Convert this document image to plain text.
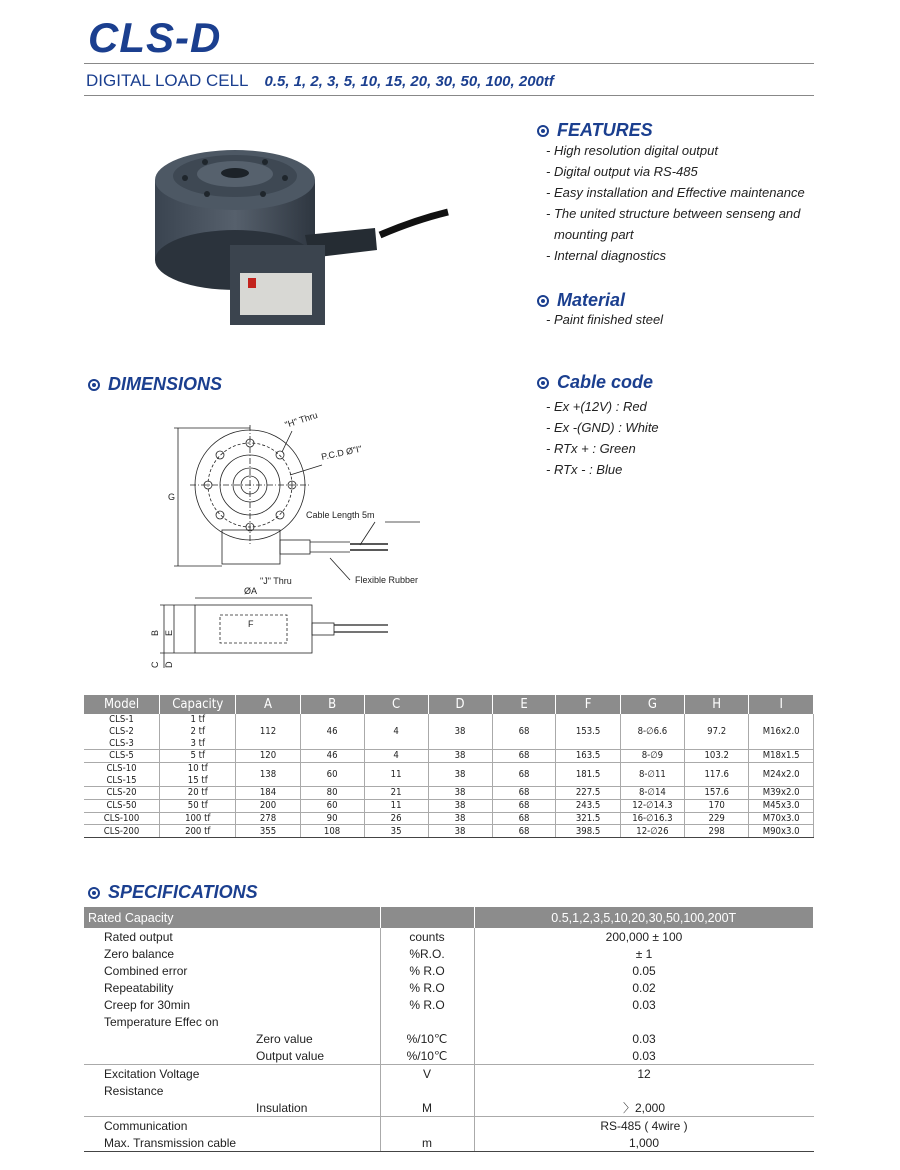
CLS-D
DIGITAL LOAD CELL 0.5, 1, 2, 3, 5, 10, 15, 20, 30, 50, 100, 200tf
FEATURES
- High resolution digital output
- Digital output via RS-485
- Easy installation and Effective maintenance
- The united structure between senseng and
mounting part
- Internal diagnostics
Material
- Paint finished steel
DIMENSIONS	Cable code
- Ex +(12V) : Red
- Ex -(GND) : White
- RTx + : Green
- RTx - : Blue
G
"H" Thru
P.C.D Ø"I"
Cable Length 5m
Flexible Rubber
"J" Thru
ØA
F
B E
C D
Model	Capacity	A	B	C	D	E	F	G	H	I
CLS-1	1 tf	112	46	4	38	68	153.5	8-∅6.6	97.2	M16x2.0
CLS-2	2 tf									
CLS-3	3 tf									
CLS-5	5 tf	120	46	4	38	68	163.5	8-∅9	103.2	M18x1.5
CLS-10	10 tf	138	60	11	38	68	181.5	8-∅11	117.6	M24x2.0
CLS-15	15 tf									
CLS-20	20 tf	184	80	21	38	68	227.5	8-∅14	157.6	M39x2.0
CLS-50	50 tf	200	60	11	38	68	243.5	12-∅14.3	170	M45x3.0
CLS-100	100 tf	278	90	26	38	68	321.5	16-∅16.3	229	M70x3.0
CLS-200	200 tf	355	108	35	38	68	398.5	12-∅26	298	M90x3.0
SPECIFICATIONS
Rated Capacity		0.5,1,2,3,5,10,20,30,50,100,200T
Rated output	counts	200,000 ± 100
Zero balance	%R.O.	± 1
Combined error	% R.O	0.05
Repeatability	% R.O	0.02
Creep for 30min	% R.O	0.03
Temperature Effec on		
Zero value	%/10℃	0.03
Output value	%/10℃	0.03
Excitation Voltage	V	12
Resistance		
Insulation	M	〉2,000
Communication		RS-485 ( 4wire )
Max. Transmission cable	m	1,000
